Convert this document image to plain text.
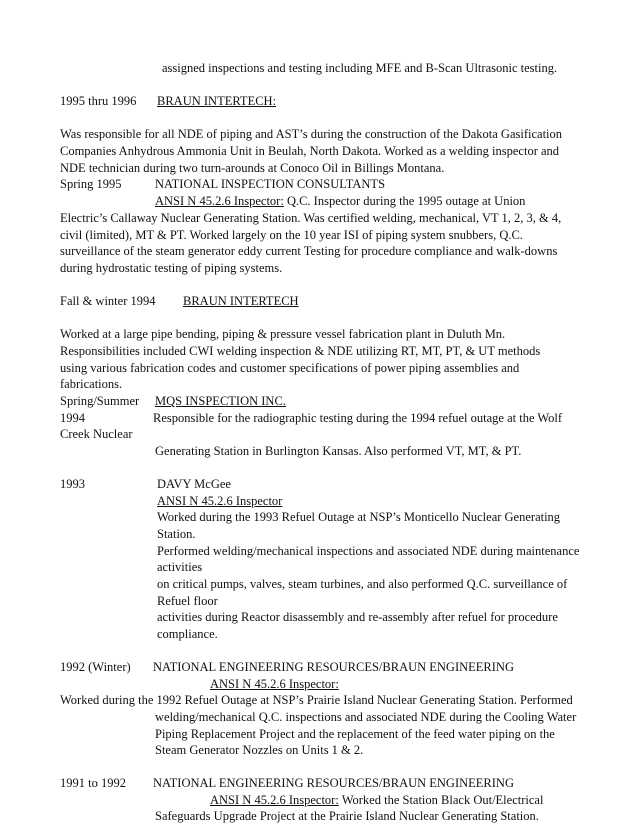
assigned inspections and testing including MFE and B-Scan Ultrasonic testing.
1995 thru 1996 BRAUN INTERTECH:
Was responsible for all NDE of piping and AST’s during the construction of the Dakota Gasification
Companies Anhydrous Ammonia Unit in Beulah, North Dakota. Worked as a welding inspector and
NDE technician during two turn-arounds at Conoco Oil in Billings Montana.
Spring 1995	NATIONAL INSPECTION CONSULTANTS
ANSI N 45.2.6 Inspector: Q.C. Inspector during the 1995 outage at Union
Electric’s Callaway Nuclear Generating Station. Was certified welding, mechanical, VT 1, 2, 3, & 4,
civil (limited), MT & PT. Worked largely on the 10 year ISI of piping system snubbers, Q.C.
surveillance of the steam generator eddy current Testing for procedure compliance and walk-downs
during hydrostatic testing of piping systems.
Fall & winter 1994 BRAUN INTERTECH
Worked at a large pipe bending, piping & pressure vessel fabrication plant in Duluth Mn.
Responsibilities included CWI welding inspection & NDE utilizing RT, MT, PT, & UT methods
using various fabrication codes and customer specifications of power piping assemblies and
fabrications.
Spring/Summer MQS INSPECTION INC.
1994	Responsible for the radiographic testing during the 1994 refuel outage at the Wolf
Creek Nuclear
Generating Station in Burlington Kansas. Also performed VT, MT, & PT.
1993	DAVY McGee
ANSI N 45.2.6 Inspector
Worked during the 1993 Refuel Outage at NSP’s Monticello Nuclear Generating
Station.
Performed welding/mechanical inspections and associated NDE during maintenance
activities
on critical pumps, valves, steam turbines, and also performed Q.C. surveillance of
Refuel floor
activities during Reactor disassembly and re-assembly after refuel for procedure
compliance.
1992 (Winter) NATIONAL ENGINEERING RESOURCES/BRAUN ENGINEERING
ANSI N 45.2.6 Inspector:
Worked during the 1992 Refuel Outage at NSP’s Prairie Island Nuclear Generating Station. Performed
welding/mechanical Q.C. inspections and associated NDE during the Cooling Water
Piping Replacement Project and the replacement of the feed water piping on the
Steam Generator Nozzles on Units 1 & 2.
1991 to 1992 NATIONAL ENGINEERING RESOURCES/BRAUN ENGINEERING
ANSI N 45.2.6 Inspector: Worked the Station Black Out/Electrical
Safeguards Upgrade Project at the Prairie Island Nuclear Generating Station.
